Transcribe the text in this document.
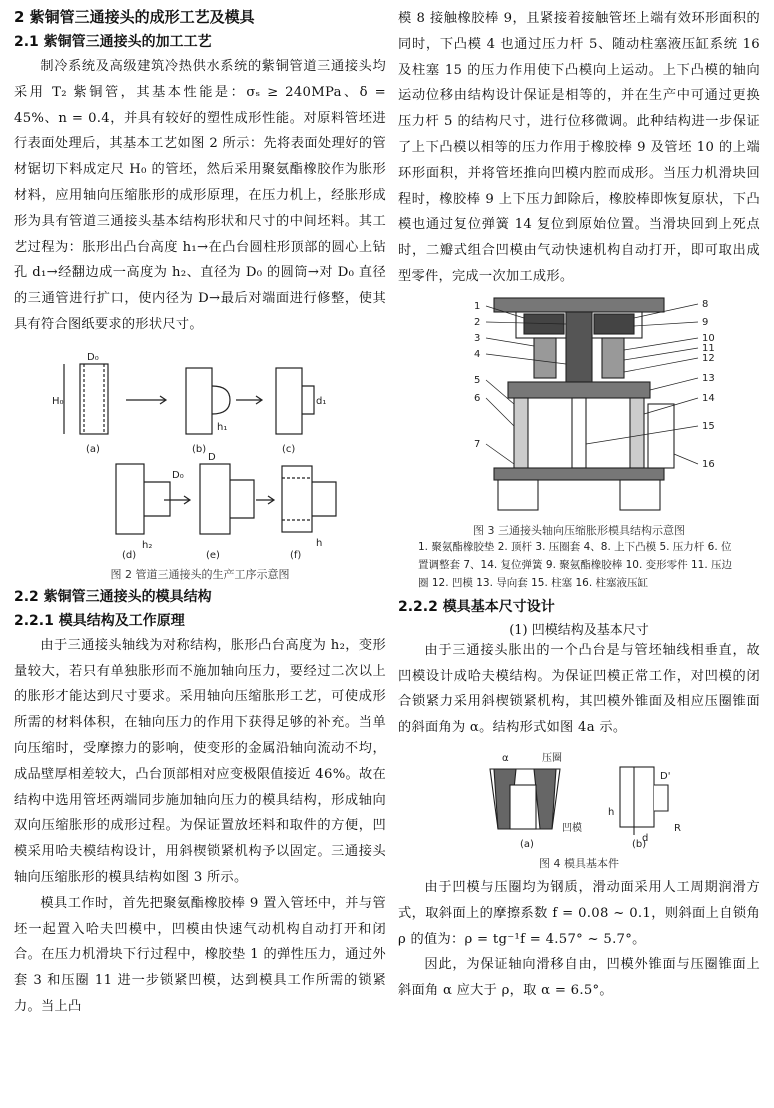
2 紫铜管三通接头的成形工艺及模具
2.1 紫铜管三通接头的加工工艺

制冷系统及高级建筑冷热供水系统的紫铜管道三通接头均采用 T₂ 紫铜管，其基本性能是：σₛ ≥ 240MPa、δ = 45%、n = 0.4，并具有较好的塑性成形性能。对原料管坯进行表面处理后，其基本工艺如图 2 所示：先将表面处理好的管材锯切下料成定尺 H₀ 的管坯，然后采用聚氨酯橡胶作为胀形材料，应用轴向压缩胀形的成形原理，在压力机上，经胀形成形为具有管道三通接头基本结构形状和尺寸的中间坯料。其工艺过程为：胀形出凸台高度 h₁→在凸台圆柱形顶部的圆心上钻孔 d₁→经翻边成一高度为 h₂、直径为 D₀ 的圆筒→对 D₀ 直径的三通管进行扩口，使内径为 D→最后对端面进行修整，使其具有符合图纸要求的形状尺寸。

D₀
H₀
h₁
d₁
D₀
h₂
D
h
(a)	(b)	(c)
(d)	(e)	(f)
图 2 管道三通接头的生产工序示意图
2.2 紫铜管三通接头的模具结构
2.2.1 模具结构及工作原理

由于三通接头轴线为对称结构，胀形凸台高度为 h₂，变形量较大，若只有单独胀形而不施加轴向压力，要经过二次以上的胀形才能达到尺寸要求。采用轴向压缩胀形工艺，可使成形所需的材料体积，在轴向压力的作用下获得足够的补充。当单向压缩时，受摩擦力的影响，使变形的金属沿轴向流动不均，成品壁厚相差较大，凸台顶部相对应变极限值接近 46%。故在结构中选用管坯两端同步施加轴向压力的模具结构，形成轴向双向压缩胀形的成形过程。为保证置放坯料和取件的方便，凹模采用哈夫模结构设计，用斜楔锁紧机构予以固定。三通接头轴向压缩胀形的模具结构如图 3 所示。

模具工作时，首先把聚氨酯橡胶棒 9 置入管坯中，并与管坯一起置入哈夫凹模中，凹模由快速气动机构自动打开和闭合。在压力机滑块下行过程中，橡胶垫 1 的弹性压力，通过外套 3 和压圈 11 进一步锁紧凹模，达到模具工作所需的锁紧力。当上凸

模 8 接触橡胶棒 9，且紧接着接触管坯上端有效环形面积的同时，下凸模 4 也通过压力杆 5、随动柱塞液压缸系统 16 及柱塞 15 的压力作用使下凸模向上运动。上下凸模的轴向运动位移由结构设计保证是相等的，并在生产中可通过更换压力杆 5 的结构尺寸，进行位移微调。此种结构进一步保证了上下凸模以相等的压力作用于橡胶棒 9 及管坯 10 的上端环形面积，并将管坯推向凹模内腔而成形。当压力机滑块回程时，橡胶棒 9 上下压力卸除后，橡胶棒即恢复原状，下凸模也通过复位弹簧 14 复位到原始位置。当滑块回到上死点时，二瓣式组合凹模由气动快速机构自动打开，即可取出成型零件，完成一次加工成形。

1
2
3
4
5
6
7
8
9
10
11
12
13
14
15
16
图 3 三通接头轴向压缩胀形模具结构示意图
1. 聚氨酯橡胶垫 2. 顶杆 3. 压圈套 4、8. 上下凸模 5. 压力杆 6. 位置调整套 7、14. 复位弹簧 9. 聚氨酯橡胶棒 10. 变形零件 11. 压边圈 12. 凹模 13. 导向套 15. 柱塞 16. 柱塞液压缸
2.2.2 模具基本尺寸设计
(1) 凹模结构及基本尺寸

由于三通接头胀出的一个凸台是与管坯轴线相垂直，故凹模设计成哈夫模结构。为保证凹模正常工作，对凹模的闭合锁紧力采用斜楔锁紧机构，其凹模外锥面及相应压圈锥面的斜面角为 α。结构形式如图 4a 示。

α	压圈
凹模
(a)	(b)
D'
d
R
h
图 4 模具基本件

由于凹模与压圈均为钢质，滑动面采用人工周期润滑方式，取斜面上的摩擦系数 f = 0.08 ~ 0.1，则斜面上自锁角 ρ 的值为：ρ = tg⁻¹f = 4.57° ~ 5.7°。

因此，为保证轴向滑移自由，凹模外锥面与压圈锥面上斜面角 α 应大于 ρ，取 α = 6.5°。
